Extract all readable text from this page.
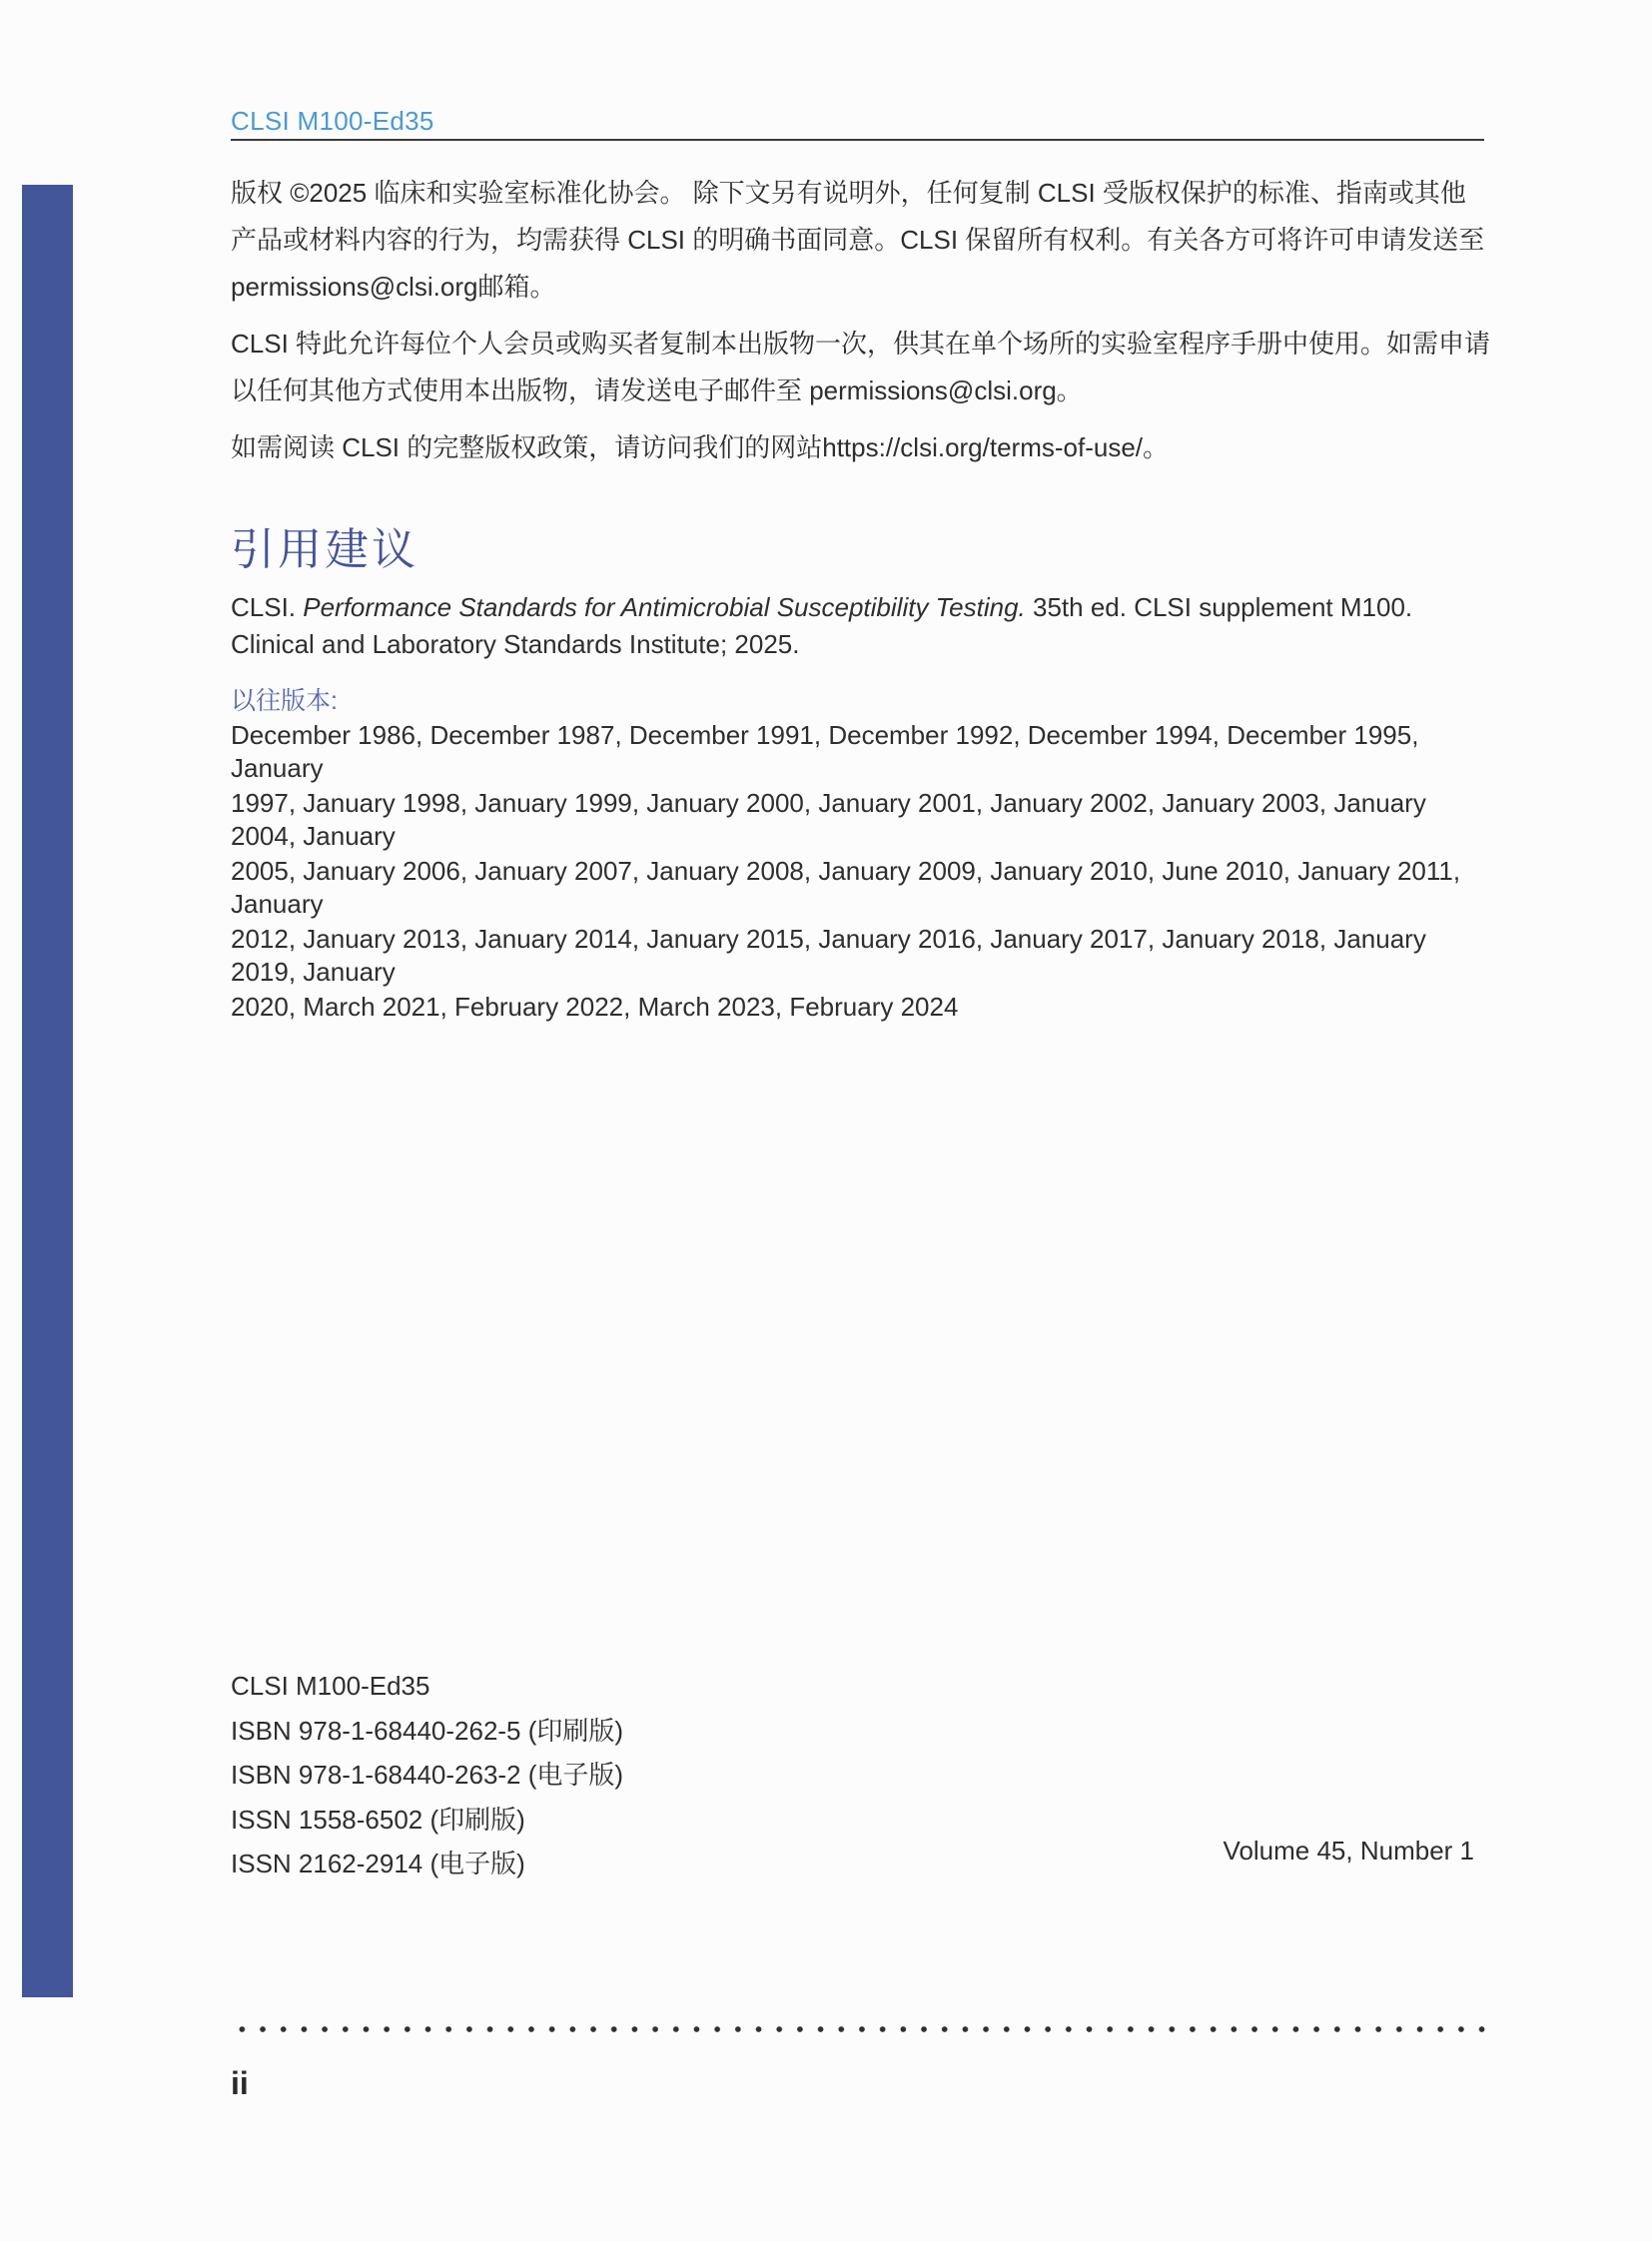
CLSI M100-Ed35

版权 ©2025 临床和实验室标准化协会。 除下文另有说明外，任何复制 CLSI 受版权保护的标准、指南或其他产品或材料内容的行为，均需获得 CLSI 的明确书面同意。CLSI 保留所有权利。有关各方可将许可申请发送至 permissions@clsi.org邮箱。

CLSI 特此允许每位个人会员或购买者复制本出版物一次，供其在单个场所的实验室程序手册中使用。如需申请以任何其他方式使用本出版物，请发送电子邮件至 permissions@clsi.org。

如需阅读 CLSI 的完整版权政策，请访问我们的网站https://clsi.org/terms-of-use/。

引用建议

CLSI. Performance Standards for Antimicrobial Susceptibility Testing. 35th ed. CLSI supplement M100. Clinical and Laboratory Standards Institute; 2025.

以往版本:
December 1986, December 1987, December 1991, December 1992, December 1994, December 1995, January
1997, January 1998, January 1999, January 2000, January 2001, January 2002, January 2003, January 2004, January
2005, January 2006, January 2007, January 2008, January 2009, January 2010, June 2010, January 2011, January
2012, January 2013, January 2014, January 2015, January 2016, January 2017, January 2018, January 2019, January
2020, March 2021, February 2022, March 2023, February 2024
CLSI M100-Ed35
ISBN 978-1-68440-262-5 (印刷版)
ISBN 978-1-68440-263-2 (电子版)
ISSN 1558-6502 (印刷版)
ISSN 2162-2914 (电子版)	Volume 45, Number 1
ii
